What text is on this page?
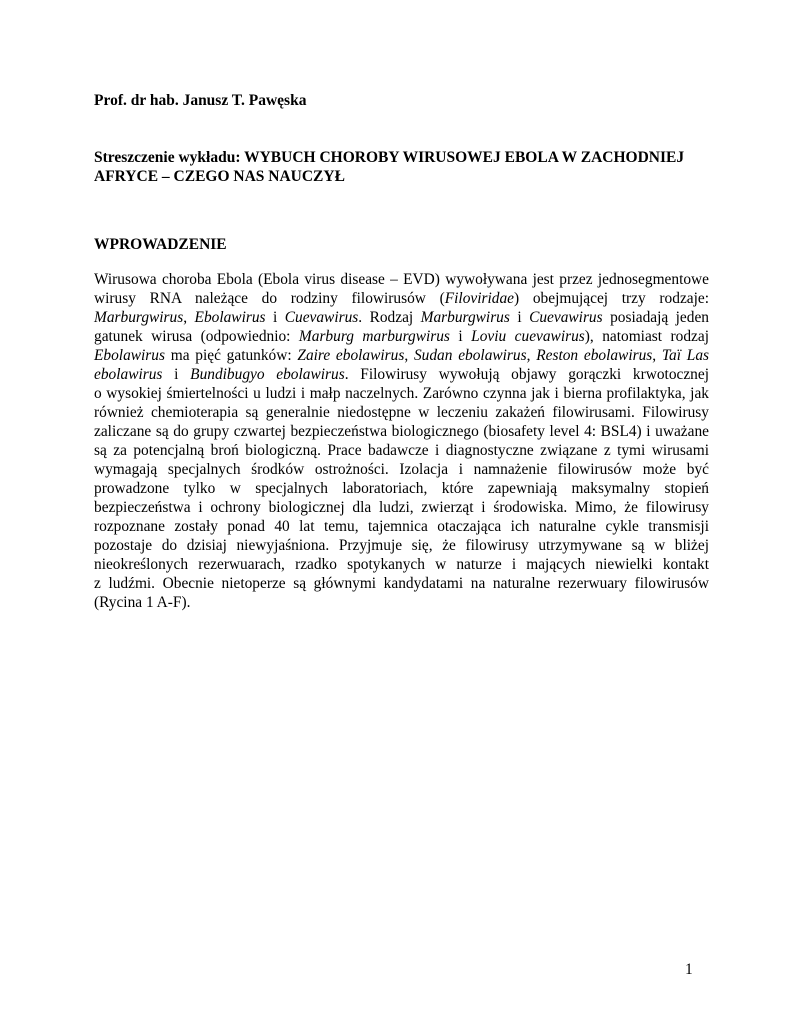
Prof. dr hab. Janusz T. Pawęska
Streszczenie wykładu: WYBUCH CHOROBY WIRUSOWEJ EBOLA W ZACHODNIEJ
AFRYCE – CZEGO NAS NAUCZYŁ
WPROWADZENIE
Wirusowa choroba Ebola (Ebola virus disease – EVD) wywoływana jest przez jednosegmentowe
wirusy RNA należące do rodziny filowirusów (Filoviridae) obejmującej trzy rodzaje:
Marburgwirus, Ebolawirus i Cuevawirus. Rodzaj Marburgwirus i Cuevawirus posiadają jeden
gatunek wirusa (odpowiednio: Marburg marburgwirus i Loviu cuevawirus), natomiast rodzaj
Ebolawirus ma pięć gatunków: Zaire ebolawirus, Sudan ebolawirus, Reston ebolawirus, Taï Las
ebolawirus i Bundibugyo ebolawirus. Filowirusy wywołują objawy gorączki krwotocznej
o wysokiej śmiertelności u ludzi i małp naczelnych. Zarówno czynna jak i bierna profilaktyka, jak
również chemioterapia są generalnie niedostępne w leczeniu zakażeń filowirusami. Filowirusy
zaliczane są do grupy czwartej bezpieczeństwa biologicznego (biosafety level 4: BSL4) i uważane
są za potencjalną broń biologiczną. Prace badawcze i diagnostyczne związane z tymi wirusami
wymagają specjalnych środków ostrożności. Izolacja i namnażenie filowirusów może być
prowadzone tylko w specjalnych laboratoriach, które zapewniają maksymalny stopień
bezpieczeństwa i ochrony biologicznej dla ludzi, zwierząt i środowiska. Mimo, że filowirusy
rozpoznane zostały ponad 40 lat temu, tajemnica otaczająca ich naturalne cykle transmisji
pozostaje do dzisiaj niewyjaśniona. Przyjmuje się, że filowirusy utrzymywane są w bliżej
nieokreślonych rezerwuarach, rzadko spotykanych w naturze i mających niewielki kontakt
z ludźmi. Obecnie nietoperze są głównymi kandydatami na naturalne rezerwuary filowirusów
(Rycina 1 A-F).
1
